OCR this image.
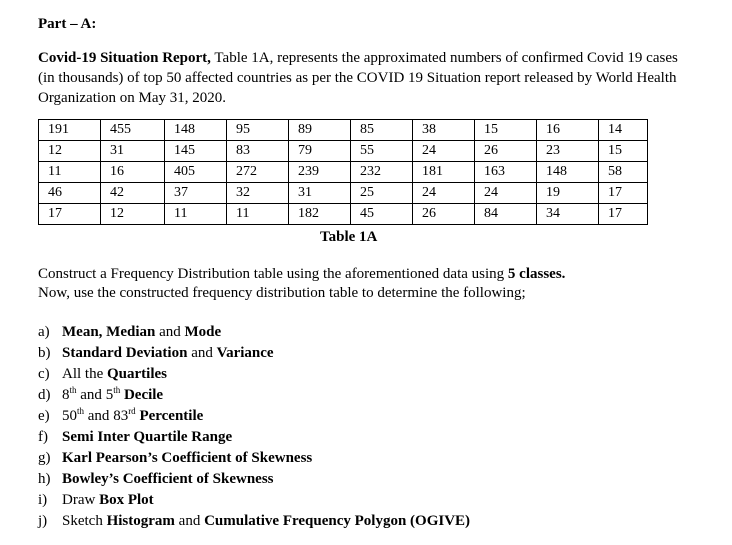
Part – A:
Covid-19 Situation Report, Table 1A, represents the approximated numbers of confirmed Covid 19 cases (in thousands) of top 50 affected countries as per the COVID 19 Situation report released by World Health Organization on May 31, 2020.
191	455	148	95	89	85	38	15	16	14
12	31	145	83	79	55	24	26	23	15
11	16	405	272	239	232	181	163	148	58
46	42	37	32	31	25	24	24	19	17
17	12	11	11	182	45	26	84	34	17
Table 1A
Construct a Frequency Distribution table using the aforementioned data using 5 classes.
Now, use the constructed frequency distribution table to determine the following;
a) Mean, Median and Mode
b) Standard Deviation and Variance
c) All the Quartiles
d) 8th and 5th Decile
e) 50th and 83rd Percentile
f) Semi Inter Quartile Range
g) Karl Pearson’s Coefficient of Skewness
h) Bowley’s Coefficient of Skewness
i) Draw Box Plot
j) Sketch Histogram and Cumulative Frequency Polygon (OGIVE)
